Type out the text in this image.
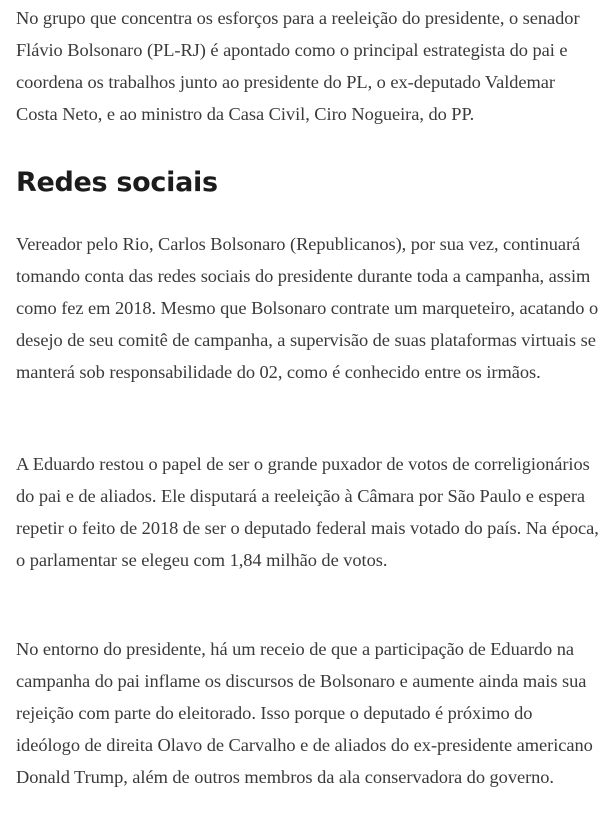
No grupo que concentra os esforços para a reeleição do presidente, o senador Flávio Bolsonaro (PL-RJ) é apontado como o principal estrategista do pai e coordena os trabalhos junto ao presidente do PL, o ex-deputado Valdemar Costa Neto, e ao ministro da Casa Civil, Ciro Nogueira, do PP.

Redes sociais

Vereador pelo Rio, Carlos Bolsonaro (Republicanos), por sua vez, continuará tomando conta das redes sociais do presidente durante toda a campanha, assim como fez em 2018. Mesmo que Bolsonaro contrate um marqueteiro, acatando o desejo de seu comitê de campanha, a supervisão de suas plataformas virtuais se manterá sob responsabilidade do 02, como é conhecido entre os irmãos.

A Eduardo restou o papel de ser o grande puxador de votos de correligionários do pai e de aliados. Ele disputará a reeleição à Câmara por São Paulo e espera repetir o feito de 2018 de ser o deputado federal mais votado do país. Na época, o parlamentar se elegeu com 1,84 milhão de votos.

No entorno do presidente, há um receio de que a participação de Eduardo na campanha do pai inflame os discursos de Bolsonaro e aumente ainda mais sua rejeição com parte do eleitorado. Isso porque o deputado é próximo do ideólogo de direita Olavo de Carvalho e de aliados do ex-presidente americano Donald Trump, além de outros membros da ala conservadora do governo.
